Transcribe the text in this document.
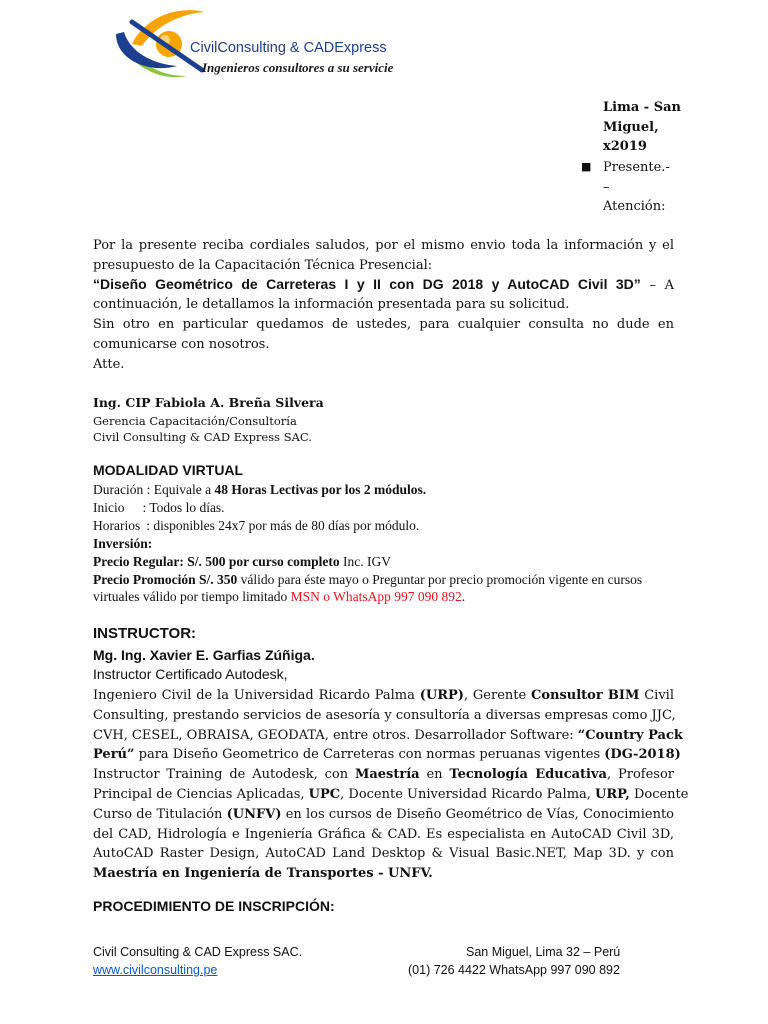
CivilConsulting & CADExpress
Ingenieros consultores a su servicie
Lima - San
Miguel,
x2019
■ Presente.-
–
Atención:
Por la presente reciba cordiales saludos, por el mismo envio toda la información y el
presupuesto de la Capacitación Técnica Presencial:
“Diseño Geométrico de Carreteras I y II con DG 2018 y AutoCAD Civil 3D” – A
continuación, le detallamos la información presentada para su solicitud.
Sin otro en particular quedamos de ustedes, para cualquier consulta no dude en
comunicarse con nosotros.
Atte.
Ing. CIP Fabiola A. Breña Silvera
Gerencia Capacitación/Consultoría
Civil Consulting & CAD Express SAC.
MODALIDAD VIRTUAL
Duración : Equivale a 48 Horas Lectivas por los 2 módulos.
Inicio : Todos lo días.
Horarios : disponibles 24x7 por más de 80 días por módulo.
Inversión:
Precio Regular: S/. 500 por curso completo Inc. IGV
Precio Promoción S/. 350 válido para éste mayo o Preguntar por precio promoción vigente en cursos
virtuales válido por tiempo limitado MSN o WhatsApp 997 090 892.
INSTRUCTOR:
Mg. Ing. Xavier E. Garfias Zúñiga.
Instructor Certificado Autodesk,
Ingeniero Civil de la Universidad Ricardo Palma (URP), Gerente Consultor BIM Civil
Consulting, prestando servicios de asesoría y consultoría a diversas empresas como JJC,
CVH, CESEL, OBRAISA, GEODATA, entre otros. Desarrollador Software: “Country Pack
Perú” para Diseño Geometrico de Carreteras con normas peruanas vigentes (DG-2018)
Instructor Training de Autodesk, con Maestría en Tecnología Educativa, Profesor
Principal de Ciencias Aplicadas, UPC, Docente Universidad Ricardo Palma, URP, Docente
Curso de Titulación (UNFV) en los cursos de Diseño Geométrico de Vías, Conocimiento
del CAD, Hidrología e Ingeniería Gráfica & CAD. Es especialista en AutoCAD Civil 3D,
AutoCAD Raster Design, AutoCAD Land Desktop & Visual Basic.NET, Map 3D. y con
Maestría en Ingeniería de Transportes - UNFV.
PROCEDIMIENTO DE INSCRIPCIÓN:
Civil Consulting & CAD Express SAC.
www.civilconsulting.pe
San Miguel, Lima 32 – Perú
(01) 726 4422 WhatsApp 997 090 892
